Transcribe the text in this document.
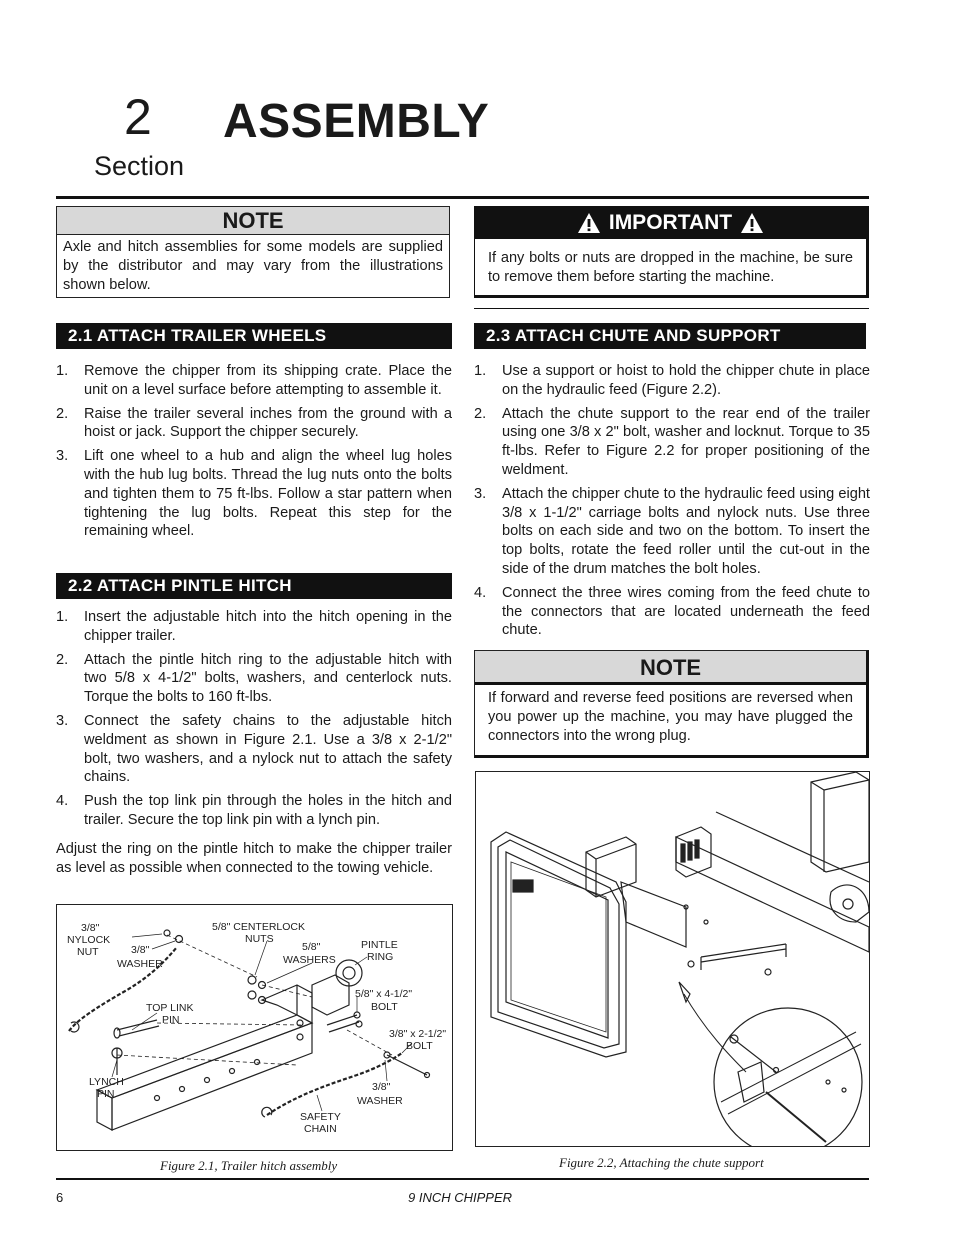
2 ASSEMBLY
Section
NOTE
Axle and hitch assemblies for some models are supplied by the distributor and may vary from the illustrations shown below.
IMPORTANT
If any bolts or nuts are dropped in the machine, be sure to remove them before starting the machine.
2.1 ATTACH TRAILER WHEELS
1.	Remove the chipper from its shipping crate. Place the unit on a level surface before attempting to assemble it.
2.	Raise the trailer several inches from the ground with a hoist or jack. Support the chipper securely.
3.	Lift one wheel to a hub and align the wheel lug holes with the hub lug bolts. Thread the lug nuts onto the bolts and tighten them to 75 ft-lbs. Follow a star pattern when tightening the lug bolts. Repeat this step for the remaining wheel.
2.2 ATTACH PINTLE HITCH
1.	Insert the adjustable hitch into the hitch opening in the chipper trailer.
2.	Attach the pintle hitch ring to the adjustable hitch with two 5/8 x 4-1/2" bolts, washers, and centerlock nuts. Torque the bolts to 160 ft-lbs.
3.	Connect the safety chains to the adjustable hitch weldment as shown in Figure 2.1. Use a 3/8 x 2-1/2" bolt, two washers, and a nylock nut to attach the safety chains.
4.	Push the top link pin through the holes in the hitch and trailer. Secure the top link pin with a lynch pin.
Adjust the ring on the pintle hitch to make the chipper trailer as level as possible when connected to the towing vehicle.
2.3 ATTACH CHUTE AND SUPPORT
1.	Use a support or hoist to hold the chipper chute in place on the hydraulic feed (Figure 2.2).
2.	Attach the chute support to the rear end of the trailer using one 3/8 x 2" bolt, washer and locknut. Torque to 35 ft-lbs. Refer to Figure 2.2 for proper positioning of the weldment.
3.	Attach the chipper chute to the hydraulic feed using eight 3/8 x 1-1/2" carriage bolts and nylock nuts. Use three bolts on each side and two on the bottom. To insert the top bolts, rotate the feed roller until the cut-out in the side of the drum matches the bolt holes.
4.	Connect the three wires coming from the feed chute to the connectors that are located underneath the feed chute.
NOTE
If forward and reverse feed positions are reversed when you power up the machine, you may have plugged the connectors into the wrong plug.
3/8"
NYLOCK
NUT	3/8"
WASHER
5/8" CENTERLOCK
NUTS
5/8"
WASHERS
PINTLE
RING
5/8" x 4-1/2"
BOLT
TOP LINK
PIN
3/8" x 2-1/2"
BOLT
LYNCH
PIN
3/8"
WASHER
SAFETY
CHAIN
Figure 2.1, Trailer hitch assembly	Figure 2.2, Attaching the chute support
6	9 INCH CHIPPER
